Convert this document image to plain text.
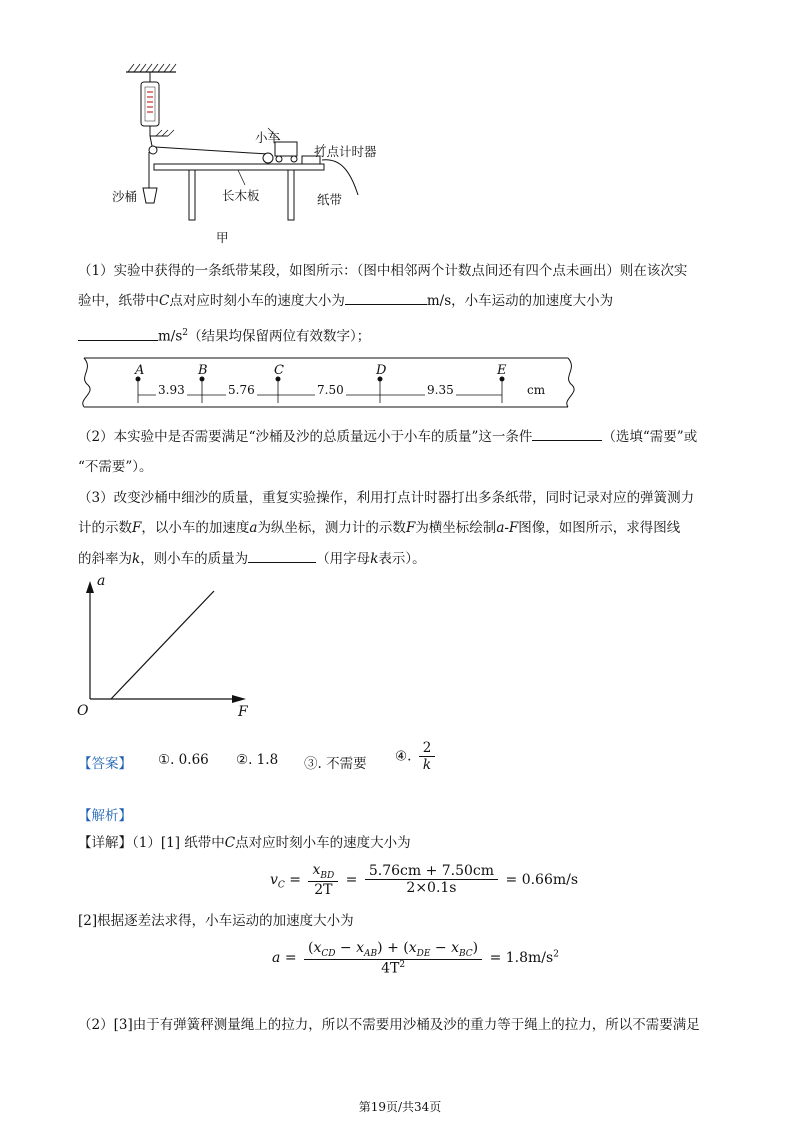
小车
打点计时器
沙桶	长木板	纸带
甲
（1）实验中获得的一条纸带某段，如图所示：（图中相邻两个计数点间还有四个点未画出）则在该次实
验中，纸带中C点对应时刻小车的速度大小为	m/s，小车运动的加速度大小为
$m/s^2$（结果均保留两位有效数字）；
A	B	C	D	E
3.93	5.76	7.50	9.35	cm
（2）本实验中是否需要满足“沙桶及沙的总质量远小于小车的质量”这一条件	（选填“需要”或
“不需要”）。
（3）改变沙桶中细沙的质量，重复实验操作，利用打点计时器打出多条纸带，同时记录对应的弹簧测力
计的示数F，以小车的加速度a为纵坐标，测力计的示数F为横坐标绘制a-F图像，如图所示，求得图线
的斜率为k，则小车的质量为	（用字母k表示）。
a
F
O
【答案】 ①. 0.66 ②. 1.8 ③. 不需要 ④. $\frac{2}{k}$
【解析】
【详解】（1）[1] 纸带中C点对应时刻小车的速度大小为
$v_C = \frac{x_{BD}}{2T} = \frac{5.76cm + 7.50cm}{2\times 0.1s} = 0.66m/s$
[2]根据逐差法求得，小车运动的加速度大小为
$a = \frac{(x_{CD} - x_{AB}) + (x_{DE} - x_{BC})}{4T^2} = 1.8m/s^2$
（2）[3]由于有弹簧秤测量绳上的拉力，所以不需要用沙桶及沙的重力等于绳上的拉力，所以不需要满足
第19页/共34页
